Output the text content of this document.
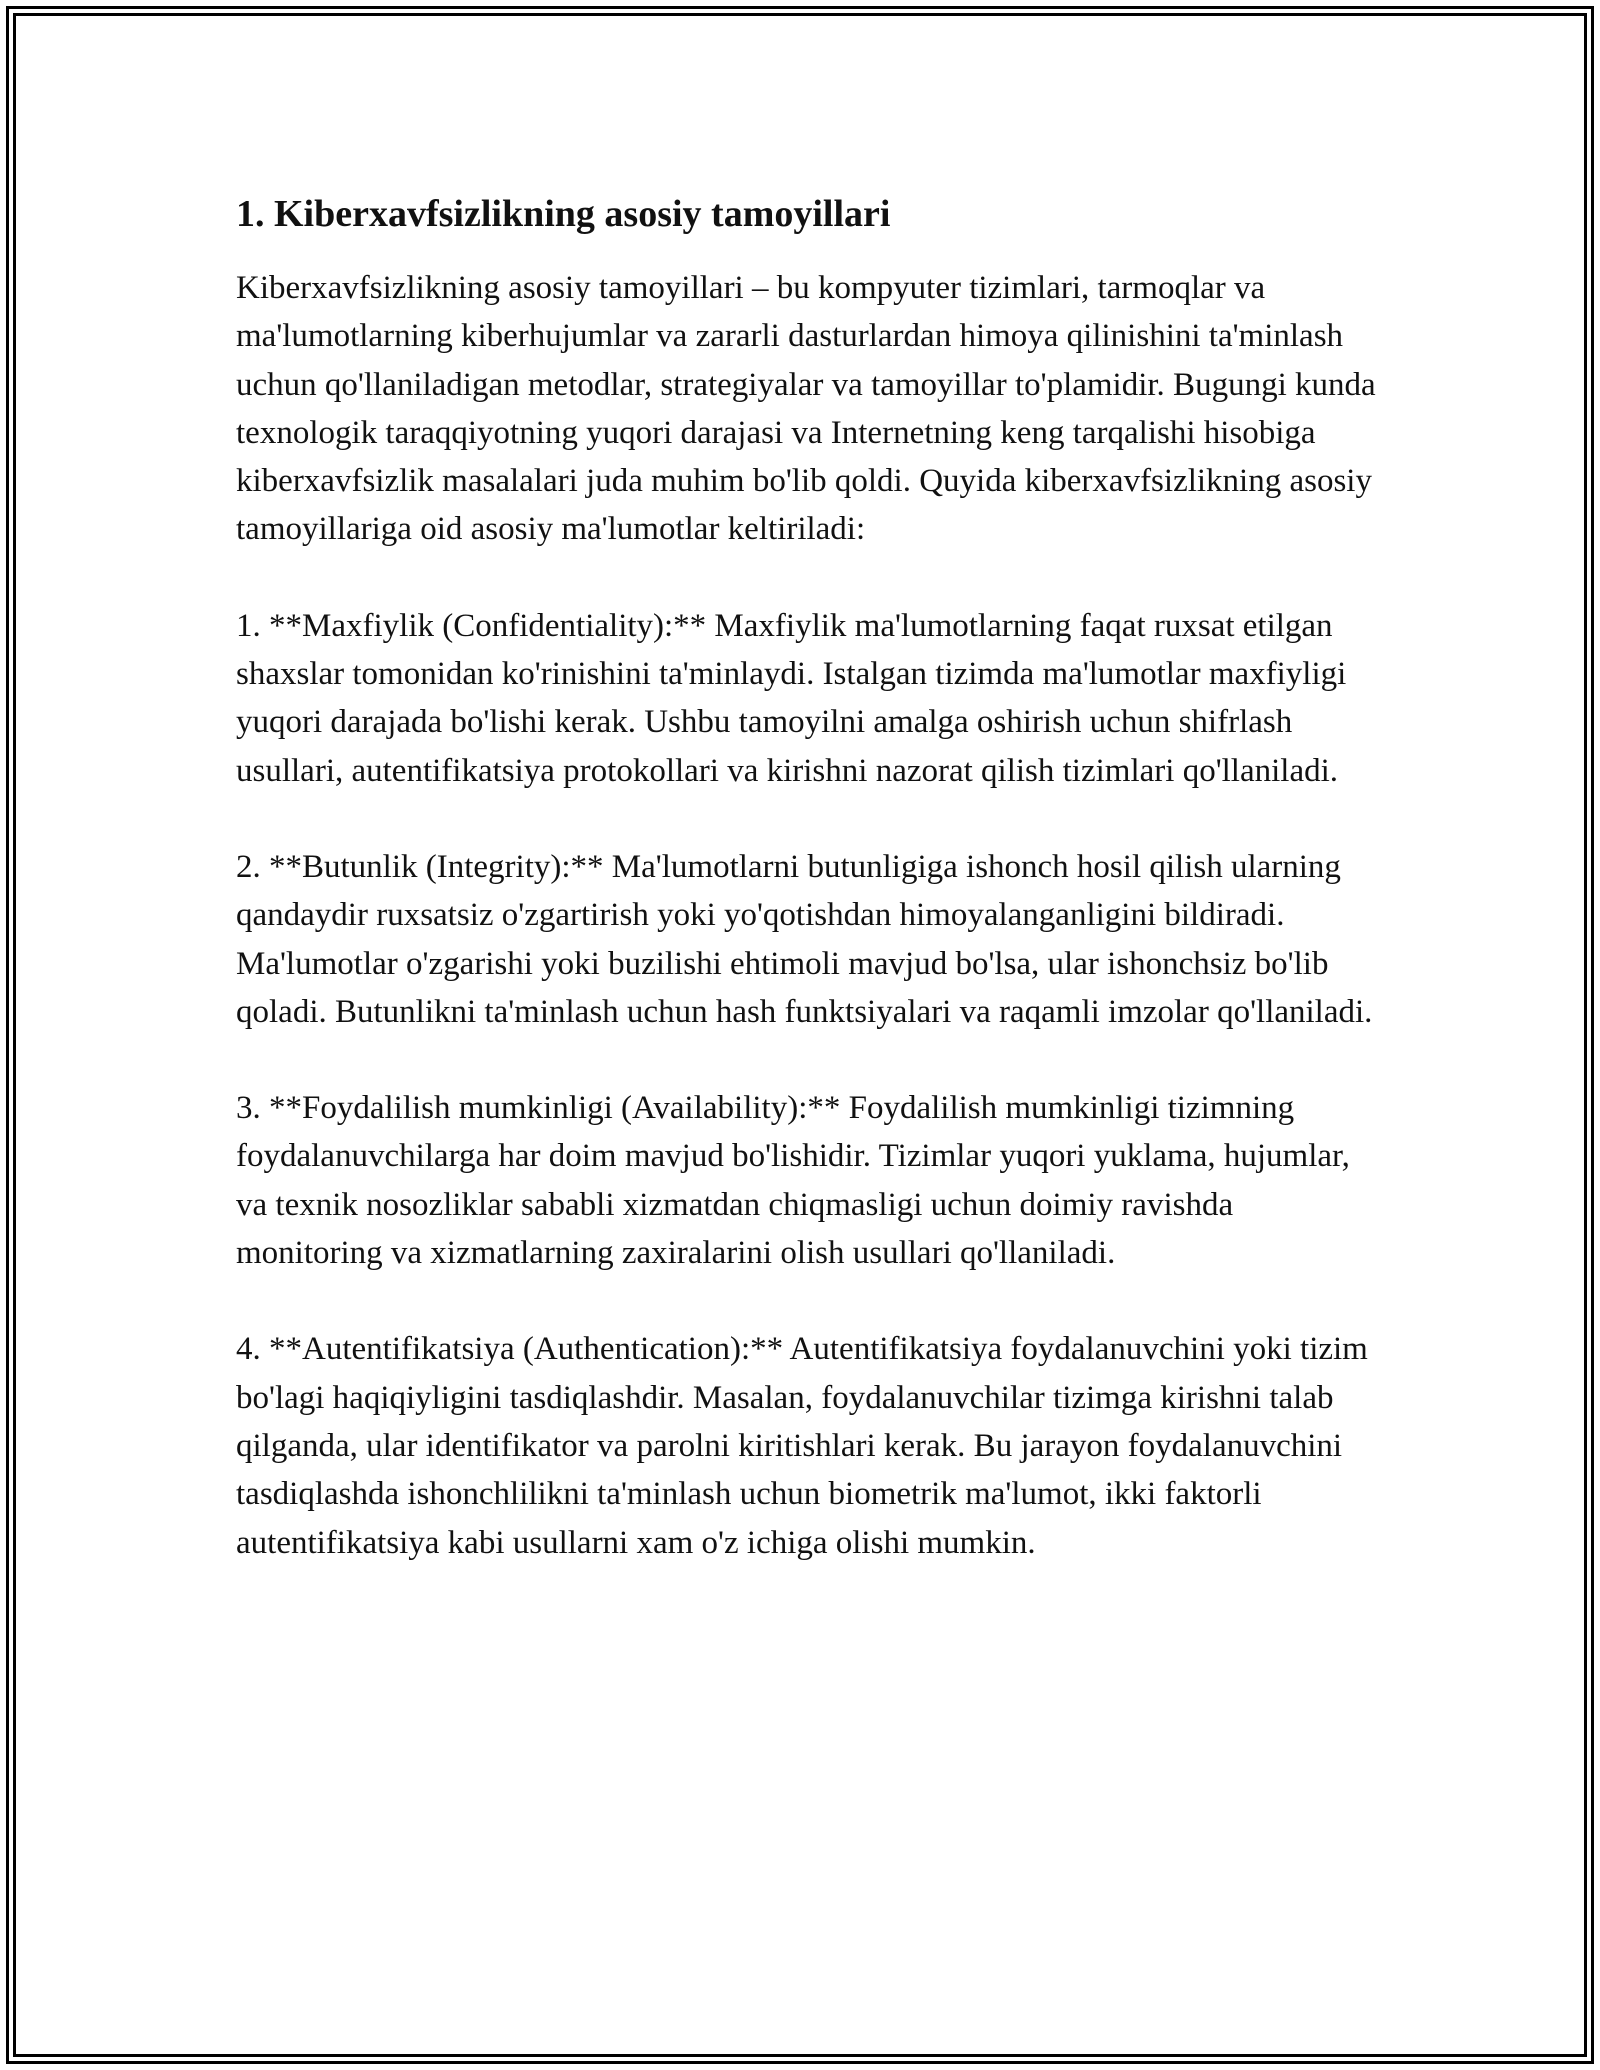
1. Kiberxavfsizlikning asosiy tamoyillari

Kiberxavfsizlikning asosiy tamoyillari – bu kompyuter tizimlari, tarmoqlar va ma'lumotlarning kiberhujumlar va zararli dasturlardan himoya qilinishini ta'minlash uchun qo'llaniladigan metodlar, strategiyalar va tamoyillar to'plamidir. Bugungi kunda texnologik taraqqiyotning yuqori darajasi va Internetning keng tarqalishi hisobiga kiberxavfsizlik masalalari juda muhim bo'lib qoldi. Quyida kiberxavfsizlikning asosiy tamoyillariga oid asosiy ma'lumotlar keltiriladi:

1. **Maxfiylik (Confidentiality):** Maxfiylik ma'lumotlarning faqat ruxsat etilgan shaxslar tomonidan ko'rinishini ta'minlaydi. Istalgan tizimda ma'lumotlar maxfiyligi yuqori darajada bo'lishi kerak. Ushbu tamoyilni amalga oshirish uchun shifrlash usullari, autentifikatsiya protokollari va kirishni nazorat qilish tizimlari qo'llaniladi.

2. **Butunlik (Integrity):** Ma'lumotlarni butunligiga ishonch hosil qilish ularning qandaydir ruxsatsiz o'zgartirish yoki yo'qotishdan himoyalanganligini bildiradi. Ma'lumotlar o'zgarishi yoki buzilishi ehtimoli mavjud bo'lsa, ular ishonchsiz bo'lib qoladi. Butunlikni ta'minlash uchun hash funktsiyalari va raqamli imzolar qo'llaniladi.

3. **Foydalilish mumkinligi (Availability):** Foydalilish mumkinligi tizimning foydalanuvchilarga har doim mavjud bo'lishidir. Tizimlar yuqori yuklama, hujumlar, va texnik nosozliklar sababli xizmatdan chiqmasligi uchun doimiy ravishda monitoring va xizmatlarning zaxiralarini olish usullari qo'llaniladi.

4. **Autentifikatsiya (Authentication):** Autentifikatsiya foydalanuvchini yoki tizim bo'lagi haqiqiyligini tasdiqlashdir. Masalan, foydalanuvchilar tizimga kirishni talab qilganda, ular identifikator va parolni kiritishlari kerak. Bu jarayon foydalanuvchini tasdiqlashda ishonchlilikni ta'minlash uchun biometrik ma'lumot, ikki faktorli autentifikatsiya kabi usullarni xam o'z ichiga olishi mumkin.
